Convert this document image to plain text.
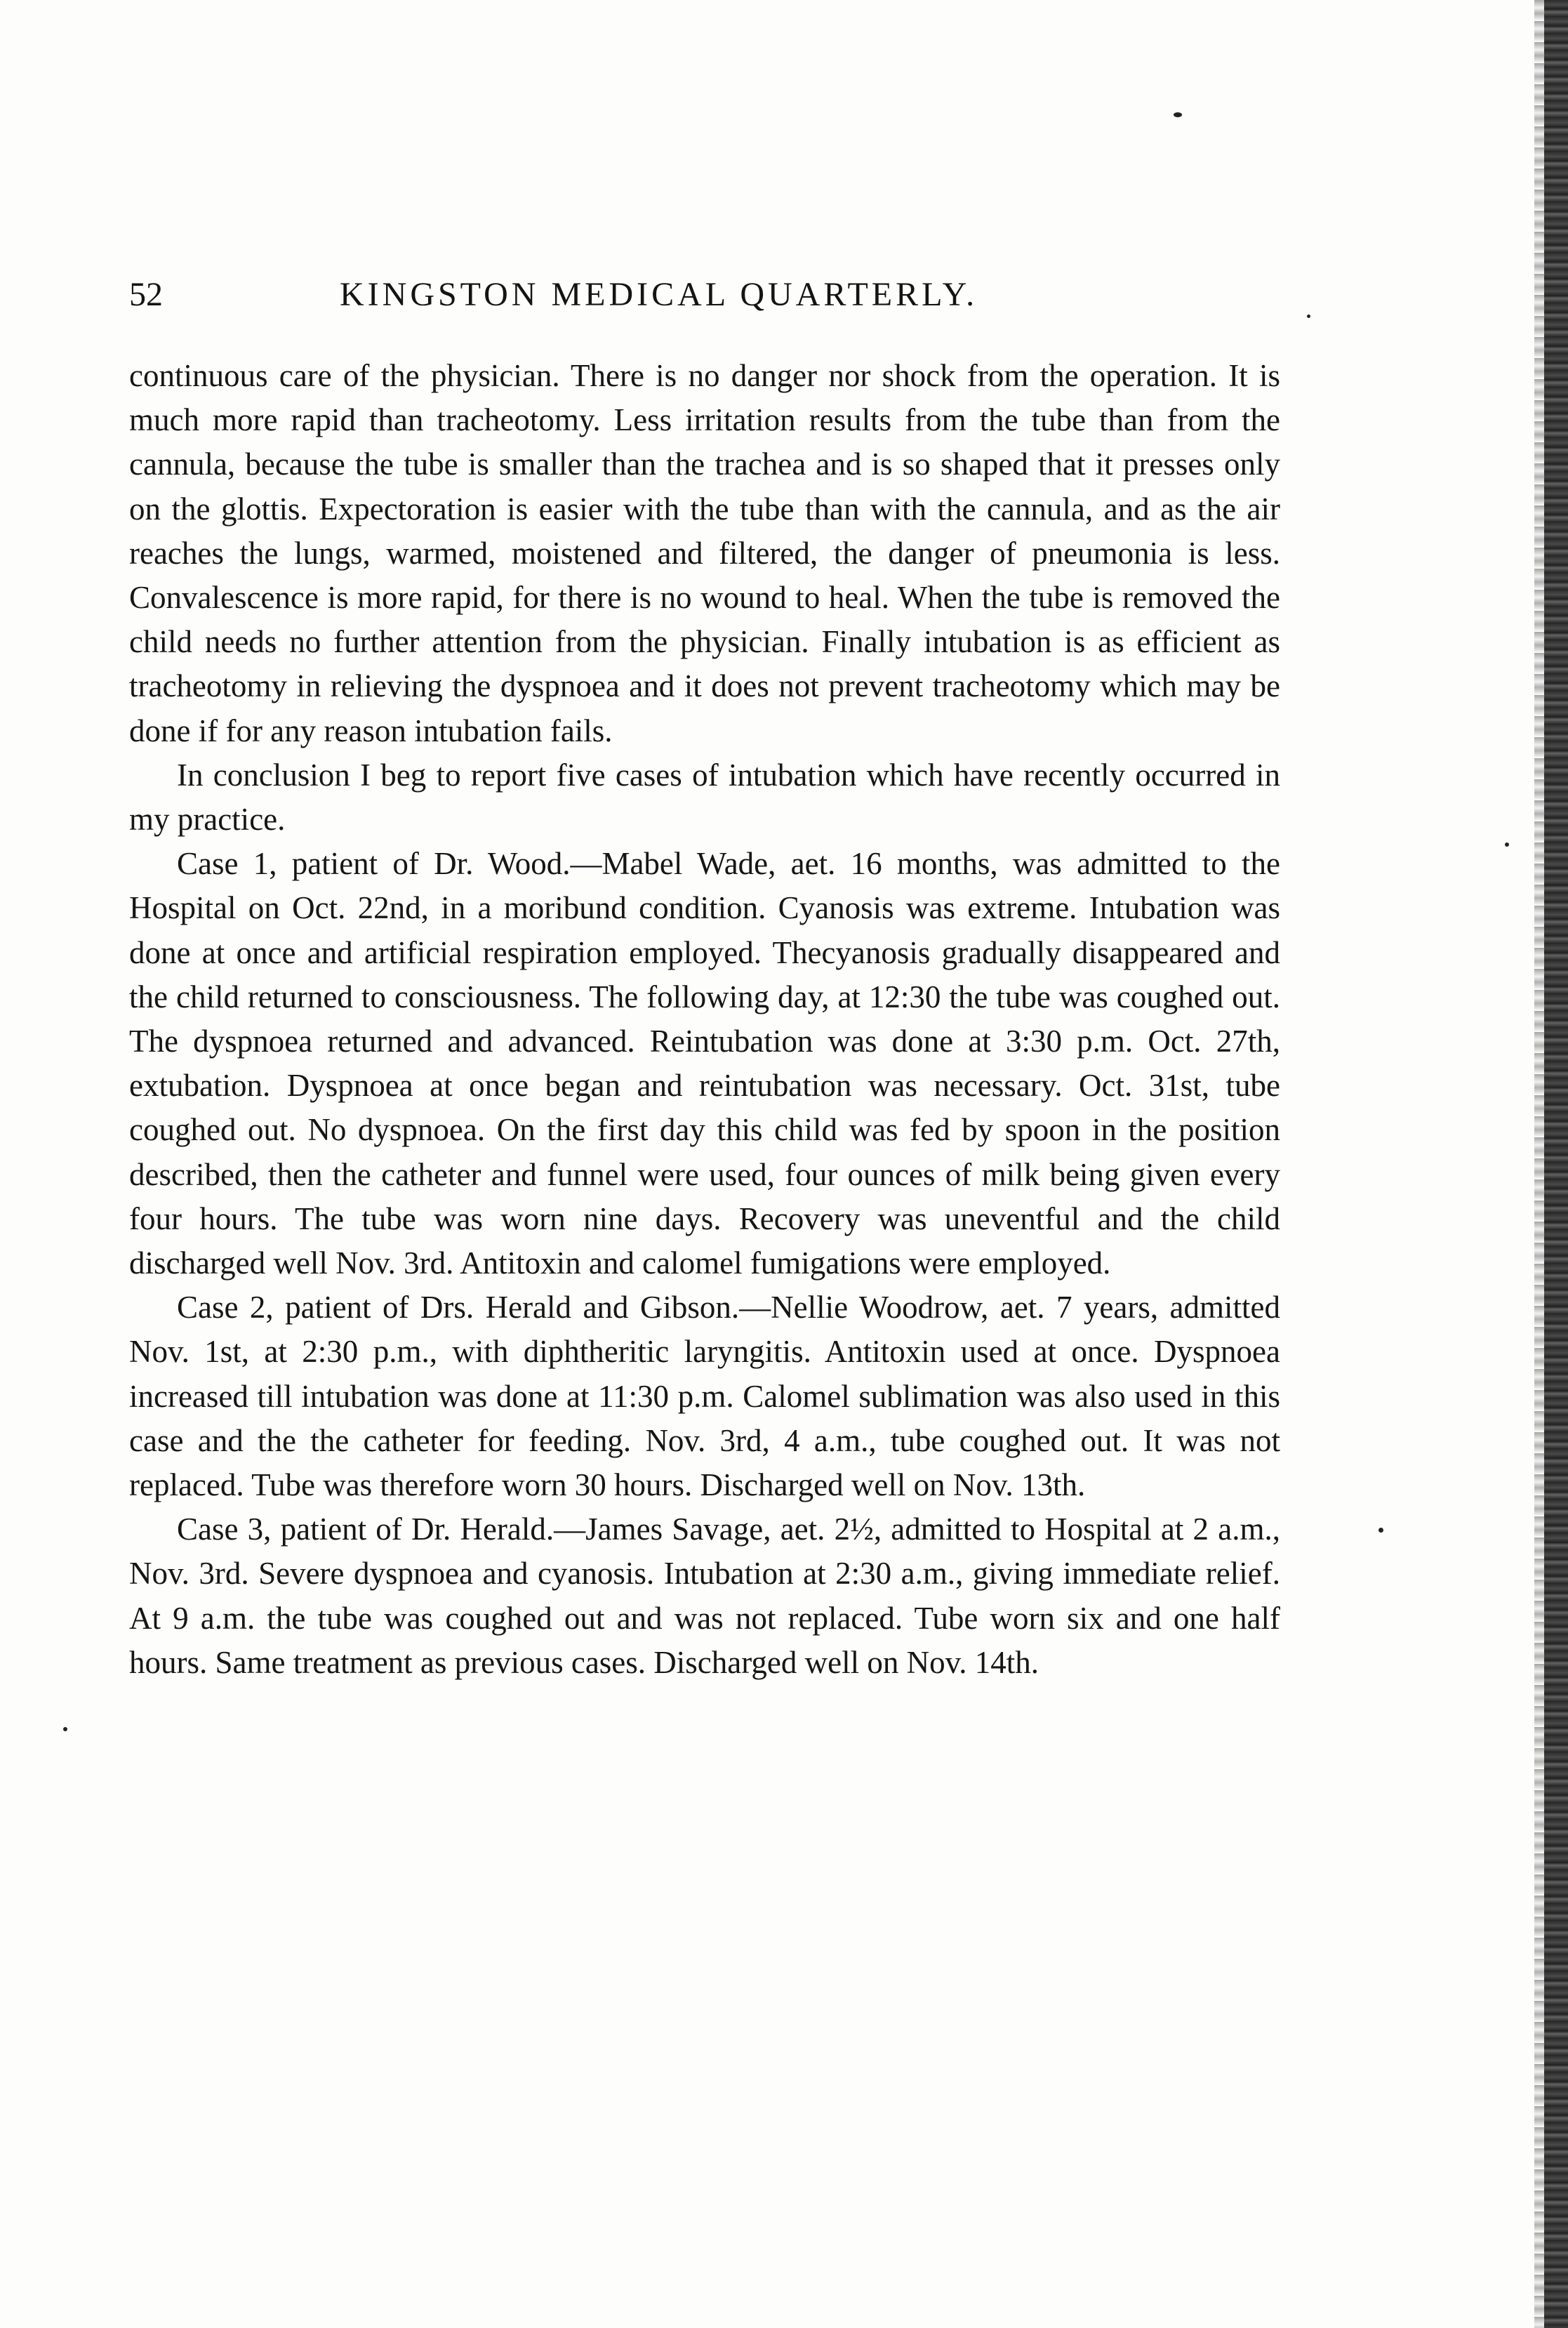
52	KINGSTON MEDICAL QUARTERLY.

continuous care of the physician. There is no danger nor shock from the operation. It is much more rapid than tracheotomy. Less irritation results from the tube than from the cannula, because the tube is smaller than the trachea and is so shaped that it presses only on the glottis. Expectoration is easier with the tube than with the cannula, and as the air reaches the lungs, warmed, moistened and filtered, the danger of pneumonia is less. Convalescence is more rapid, for there is no wound to heal. When the tube is removed the child needs no further attention from the physician. Finally intubation is as efficient as tracheotomy in relieving the dyspnoea and it does not prevent tracheotomy which may be done if for any reason intubation fails.

In conclusion I beg to report five cases of intubation which have recently occurred in my practice.

Case 1, patient of Dr. Wood.—Mabel Wade, aet. 16 months, was admitted to the Hospital on Oct. 22nd, in a moribund condition. Cyanosis was extreme. Intubation was done at once and artificial respiration employed. Thecyanosis gradually disappeared and the child returned to consciousness. The following day, at 12:30 the tube was coughed out. The dyspnoea returned and advanced. Reintubation was done at 3:30 p.m. Oct. 27th, extubation. Dyspnoea at once began and reintubation was necessary. Oct. 31st, tube coughed out. No dyspnoea. On the first day this child was fed by spoon in the position described, then the catheter and funnel were used, four ounces of milk being given every four hours. The tube was worn nine days. Recovery was uneventful and the child discharged well Nov. 3rd. Antitoxin and calomel fumigations were employed.

Case 2, patient of Drs. Herald and Gibson.—Nellie Woodrow, aet. 7 years, admitted Nov. 1st, at 2:30 p.m., with diphtheritic laryngitis. Antitoxin used at once. Dyspnoea increased till intubation was done at 11:30 p.m. Calomel sublimation was also used in this case and the the catheter for feeding. Nov. 3rd, 4 a.m., tube coughed out. It was not replaced. Tube was therefore worn 30 hours. Discharged well on Nov. 13th.

Case 3, patient of Dr. Herald.—James Savage, aet. 2½, admitted to Hospital at 2 a.m., Nov. 3rd. Severe dyspnoea and cyanosis. Intubation at 2:30 a.m., giving immediate relief. At 9 a.m. the tube was coughed out and was not replaced. Tube worn six and one half hours. Same treatment as previous cases. Discharged well on Nov. 14th.
